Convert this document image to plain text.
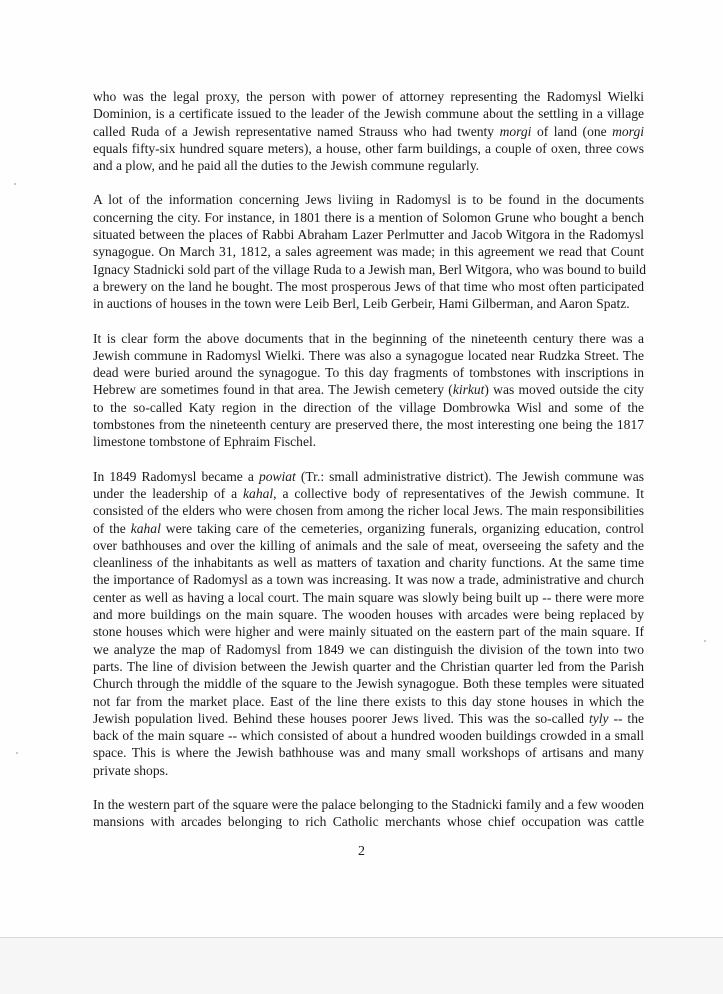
who was the legal proxy, the person with power of attorney representing the Radomysl Wielki
Dominion, is a certificate issued to the leader of the Jewish commune about the settling in a village
called Ruda of a Jewish representative named Strauss who had twenty morgi of land (one morgi
equals fifty-six hundred square meters), a house, other farm buildings, a couple of oxen, three cows
and a plow, and he paid all the duties to the Jewish commune regularly.

A lot of the information concerning Jews liviing in Radomysl is to be found in the documents
concerning the city. For instance, in 1801 there is a mention of Solomon Grune who bought a bench
situated between the places of Rabbi Abraham Lazer Perlmutter and Jacob Witgora in the Radomysl
synagogue. On March 31, 1812, a sales agreement was made; in this agreement we read that Count
Ignacy Stadnicki sold part of the village Ruda to a Jewish man, Berl Witgora, who was bound to build
a brewery on the land he bought. The most prosperous Jews of that time who most often participated
in auctions of houses in the town were Leib Berl, Leib Gerbeir, Hami Gilberman, and Aaron Spatz.

It is clear form the above documents that in the beginning of the nineteenth century there was a
Jewish commune in Radomysl Wielki. There was also a synagogue located near Rudzka Street. The
dead were buried around the synagogue. To this day fragments of tombstones with inscriptions in
Hebrew are sometimes found in that area. The Jewish cemetery (kirkut) was moved outside the city
to the so-called Katy region in the direction of the village Dombrowka Wisl and some of the
tombstones from the nineteenth century are preserved there, the most interesting one being the 1817
limestone tombstone of Ephraim Fischel.

In 1849 Radomysl became a powiat (Tr.: small administrative district). The Jewish commune was
under the leadership of a kahal, a collective body of representatives of the Jewish commune. It
consisted of the elders who were chosen from among the richer local Jews. The main responsibilities
of the kahal were taking care of the cemeteries, organizing funerals, organizing education, control
over bathhouses and over the killing of animals and the sale of meat, overseeing the safety and the
cleanliness of the inhabitants as well as matters of taxation and charity functions. At the same time
the importance of Radomysl as a town was increasing. It was now a trade, administrative and church
center as well as having a local court. The main square was slowly being built up -- there were more
and more buildings on the main square. The wooden houses with arcades were being replaced by
stone houses which were higher and were mainly situated on the eastern part of the main square. If
we analyze the map of Radomysl from 1849 we can distinguish the division of the town into two
parts. The line of division between the Jewish quarter and the Christian quarter led from the Parish
Church through the middle of the square to the Jewish synagogue. Both these temples were situated
not far from the market place. East of the line there exists to this day stone houses in which the
Jewish population lived. Behind these houses poorer Jews lived. This was the so-called tyly -- the
back of the main square -- which consisted of about a hundred wooden buildings crowded in a small
space. This is where the Jewish bathhouse was and many small workshops of artisans and many
private shops.

In the western part of the square were the palace belonging to the Stadnicki family and a few wooden
mansions with arcades belonging to rich Catholic merchants whose chief occupation was cattle

2
